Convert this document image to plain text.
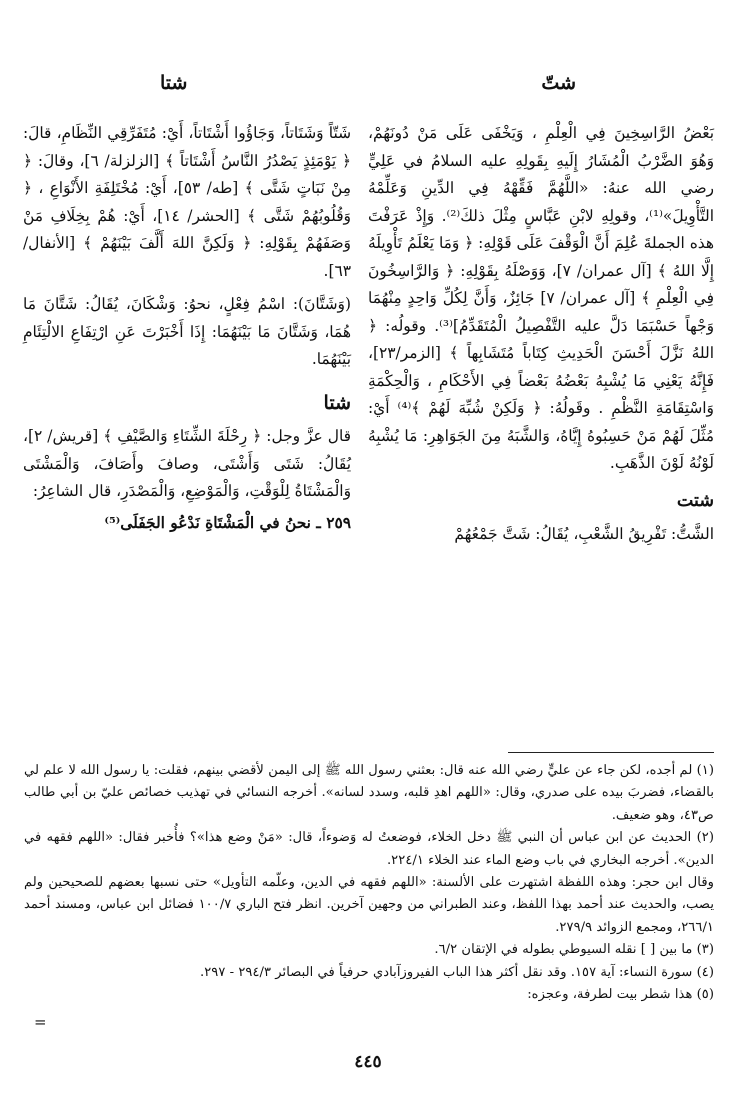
شتّ
شتا

بَعْضُ الرَّاسِخِينَ فِي الْعِلْمِ ، وَيَخْفَى عَلَى مَنْ دُونَهُمْ، وَهُوَ الضَّرْبُ الْمُشَارُ إِلَيهِ بِقَولِهِ عليه السلامُ في عَلِيٍّ رضي الله عنهُ: «اللَّهُمَّ فَقِّهْهُ فِي الدِّينِ وَعَلِّمْهُ التَّأْوِيلَ»⁽¹⁾، وقولِهِ لابْنِ عَبَّاسٍ مِثْلَ ذلكَ⁽²⁾. وَإِذْ عَرَفْتَ هذه الجملةَ عُلِمَ أَنَّ الْوَقْفَ عَلَى قَوْلِهِ: ﴿ وَمَا يَعْلَمُ تَأْوِيلَهُ إِلَّا اللهُ ﴾ [آل عمران/ ٧]، وَوَصْلَهُ بِقَوْلِهِ: ﴿ وَالرَّاسِخُونَ فِي الْعِلْمِ ﴾ [آل عمران/ ٧] جَائِزٌ، وَأَنَّ لِكُلِّ وَاحِدٍ مِنْهُمَا وَجْهاً حَسْبَمَا دَلَّ عليه التَّفْصِيلُ الْمُتَقَدِّمُ]⁽³⁾. وقولُه: ﴿ اللهُ نَزَّلَ أَحْسَنَ الْحَدِيثِ كِتَاباً مُتَشَابِهاً ﴾ [الزمر/٢٣]، فَإِنَّهُ يَعْنِي مَا يُشْبِهُ بَعْضُهُ بَعْضاً فِي الأَحْكَامِ ، وَالْحِكْمَةِ وَاسْتِقَامَةِ النَّظْمِ . وقَولُهُ: ﴿ وَلَكِنْ شُبِّهَ لَهُمْ ﴾⁽⁴⁾ أَيْ: مُثِّلَ لَهُمْ مَنْ حَسِبُوهُ إِيَّاهُ، وَالشَّبَهُ مِنَ الجَوَاهِرِ: مَا يُشْبِهُ لَوْنُهُ لَوْنَ الذَّهَبِ.

شتت

الشَّتُّ: تَفْرِيقُ الشَّعْبِ، يُقَالُ: شَتَّ جَمْعُهُمْ

شَتّاً وَشَتَاتاً، وَجَاؤُوا أَشْتَاتاً، أَيْ: مُتَفَرِّقِي النِّظَامِ، قالَ: ﴿ يَوْمَئِذٍ يَصْدُرُ النَّاسُ أَشْتَاتاً ﴾ [الزلزلة/ ٦]، وقالَ: ﴿ مِنْ نَبَاتٍ شَتَّى ﴾ [طه/ ٥٣]، أَيْ: مُخْتَلِفَةِ الأَنْوَاعِ ، ﴿ وَقُلُوبُهُمْ شَتَّى ﴾ [الحشر/ ١٤]، أَيْ: هُمْ بِخِلَافِ مَنْ وَصَفَهُمْ بِقَوْلِهِ: ﴿ وَلَكِنَّ اللهَ أَلَّفَ بَيْنَهُمْ ﴾ [الأنفال/ ٦٣].

(وَشَتَّانَ): اسْمُ فِعْلٍ، نحوُ: وَشْكَانَ، يُقَالُ: شَتَّانَ مَا هُمَا، وَشَتَّانَ مَا بَيْنَهُمَا: إِذَا أَخْبَرْتَ عَنِ ارْتِفَاعِ الالْتِئَامِ بَيْنَهُمَا.

شتا

قال عزَّ وجل: ﴿ رِحْلَةَ الشِّتَاءِ وَالصَّيْفِ ﴾ [قريش/ ٢]، يُقَالُ: شَتَى وَأَشْتَى، وصافَ وأَصَافَ، وَالْمَشْتَى وَالْمَشْتَاةُ لِلْوَقْتِ، وَالْمَوْضِعِ، وَالْمَصْدَرِ، قال الشاعِرُ:

٢٥٩ ـ نحنُ في الْمَشْتَاةِ نَدْعُو الجَفَلَى⁽⁵⁾

(١) لم أجده، لكن جاء عن عليٍّ رضي الله عنه قال: بعثني رسول الله ﷺ إلى اليمن لأقضي بينهم، فقلت: يا رسول الله لا علم لي بالقضاء، فضربَ بيده على صدري، وقال: «اللهم اهدِ قلبه، وسدد لسانه». أخرجه النسائي في تهذيب خصائص عليّ بن أبي طالب ص٤٣، وهو ضعيف.

(٢) الحديث عن ابن عباس أن النبي ﷺ دخل الخلاء، فوضعتُ له وَضوءاً، قال: «مَنْ وضع هذا»؟ فأُخبر فقال: «اللهم فقهه في الدين». أخرجه البخاري في باب وضع الماء عند الخلاء ٢٢٤/١.

وقال ابن حجر: وهذه اللفظة اشتهرت على الألسنة: «اللهم فقهه في الدين، وعلّمه التأويل» حتى نسبها بعضهم للصحيحين ولم يصب، والحديث عند أحمد بهذا اللفظ، وعند الطبراني من وجهين آخرين. انظر فتح الباري ١٠٠/٧ فضائل ابن عباس، ومسند أحمد ٢٦٦/١، ومجمع الزوائد ٢٧٩/٩.

(٣) ما بين [ ] نقله السيوطي بطوله في الإتقان ٦/٢.

(٤) سورة النساء: آية ١٥٧. وقد نقل أكثر هذا الباب الفيروزآبادي حرفياً في البصائر ٢٩٤/٣ - ٢٩٧.

(٥) هذا شطر بيت لطرفة، وعجزه:

=
٤٤٥
